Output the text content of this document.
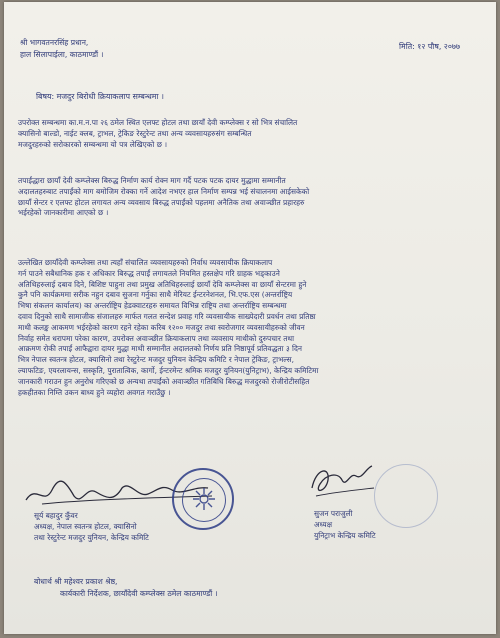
श्री भागवतनरसिंह प्रधान,
हाल सिलापाईला, काठमाण्डौं ।
मिति: १२ पौष, २०७७
बिषय: मजदुर बिरोधी क्रियाकलाप सम्बन्धमा ।
उपरोक्त सम्बन्धमा का.म.न.पा २६ ठमेल स्थित एलफ्ट होटल तथा छायाँ देवी कम्प्लेक्स र सो भित्र संचालित
क्यासिनो बाल्डो, नाईट क्लब, ट्राभल, ट्रेकिङ रेस्टुरेन्ट तथा अन्य व्यवसायहरुसंग सम्बन्धित
मजदुरहरुको सरोकारको सम्बन्धमा यो पत्र लेखिएको छ ।
तपाईंद्धारा छायाँ देवी कम्प्लेक्स बिरुद्ध निर्माण कार्य रोक्न माग गर्दै पटक पटक दायर मुद्धामा सम्मानीत
अदालतहरुबाट तपाईंको माग बमोजिम रोक्का गर्ने आदेश नभएर हाल निर्माण सम्पन्न भई संचालनमा आईसकेको
छायाँ सेन्टर र एलफ्ट होटल लगायत अन्य व्यवसाय बिरुद्ध तपाईंको पहलमा अनैतिक तथा अवाञ्छीत प्रहारहरु
भईरहेको जानकारीमा आएको छ ।
उल्लेखित छायाँदेवी कम्प्लेक्स तथा त्यहाँ संचालित व्यवसायहरुको निर्वाध व्यवसायीक क्रियाकलाप
गर्न पाउने सबैधानिक हक र अधिकार बिरुद्ध तपाईं लगायतले नियमित हस्तक्षेप गरि ग्राहक भड्काउने
अतिथिहरुलाई दबाव दिने, बिशिष्ट पाहुना तथा प्रमुख अतिथिहरुलाई छायाँ देवि कम्प्लेक्स वा छायाँ सेन्टरमा हुने
कुनै पनि कार्यक्रममा सरीक नहुन दबाव सुजना गर्नुका साथै मेरियट ईन्टरनेशनल, भि.एफ.एस (अन्तर्राष्ट्रिय
भिषा संकलन कार्यालय) का अन्तर्राष्ट्रिय हेडक्वाटरहरु समायत विभिन्न राष्ट्रिय तथा अन्तर्राष्ट्रिय सम्बन्धमा
दवाव दिनुको साथै सामाजीक संजालहरु मार्फत गलत सन्देश प्रवाह गरि व्यवसायीक साख्येदारी प्रवर्धन तथा प्रतिष्ठा
माथी कलङ्क आकमण भईरहेको कारण रहने रहेका करिब १२०० मजदुर तथा स्वरोजगार व्यवसायीहरुको जीवन
निर्वाह समेत धरापमा परेका कारण, उपरोक्त अवाञ्छीत क्रियाकलाप तथा व्यवसाय माथीको दुरुपचार तथा
आक्रमण रोकी तपाईं आफैद्वारा दायर मुद्धा माथी सम्मानीत अदालतको निर्णय प्रति निष्ठापूर्व प्रतिवद्धता ३ दिन
भित्र नेपाल स्वतन्त्र होटल, क्यासिनो तथा रेस्टुरेन्ट मजदुर युनियन केन्द्रिय कमिटि र नेपाल ट्रेकिङ, ट्राभल्स,
ल्याफटिङ, एयरलायन्स, सस्कृति, पुरातात्विक, कार्गो, ईन्टरमेन्ट श्रमिक मजदुर युनियन(युनिट्राभ), केन्द्रिय कमिटिमा
जानकारी गराउन हुन अनुरोध गरिएको छ अन्यथा तपाईंको अवाञ्छीत गतिबिधि बिरुद्ध मजदुरको रोजीरोटीसहित
हकहीतका निम्ति उकन बाध्य हुने व्यहोरा अवगत गराउँछु ।
सूर्य बहादुर कुँवर
अध्यक्ष, नेपाल स्वतन्त्र होटल, क्यासिनो
तथा रेस्टुरेन्ट मजदुर युनियन, केन्द्रिय कमिटि
सुजन पराजुली
अध्यक्ष
युनिट्राभ केन्द्रिय कमिटि
बोधार्थ श्री महेश्वर प्रकाश श्रेष्ठ,
कार्यकारी निर्देशक, छायाँदेवी कम्प्लेक्स ठमेल काठमाण्डौं ।
